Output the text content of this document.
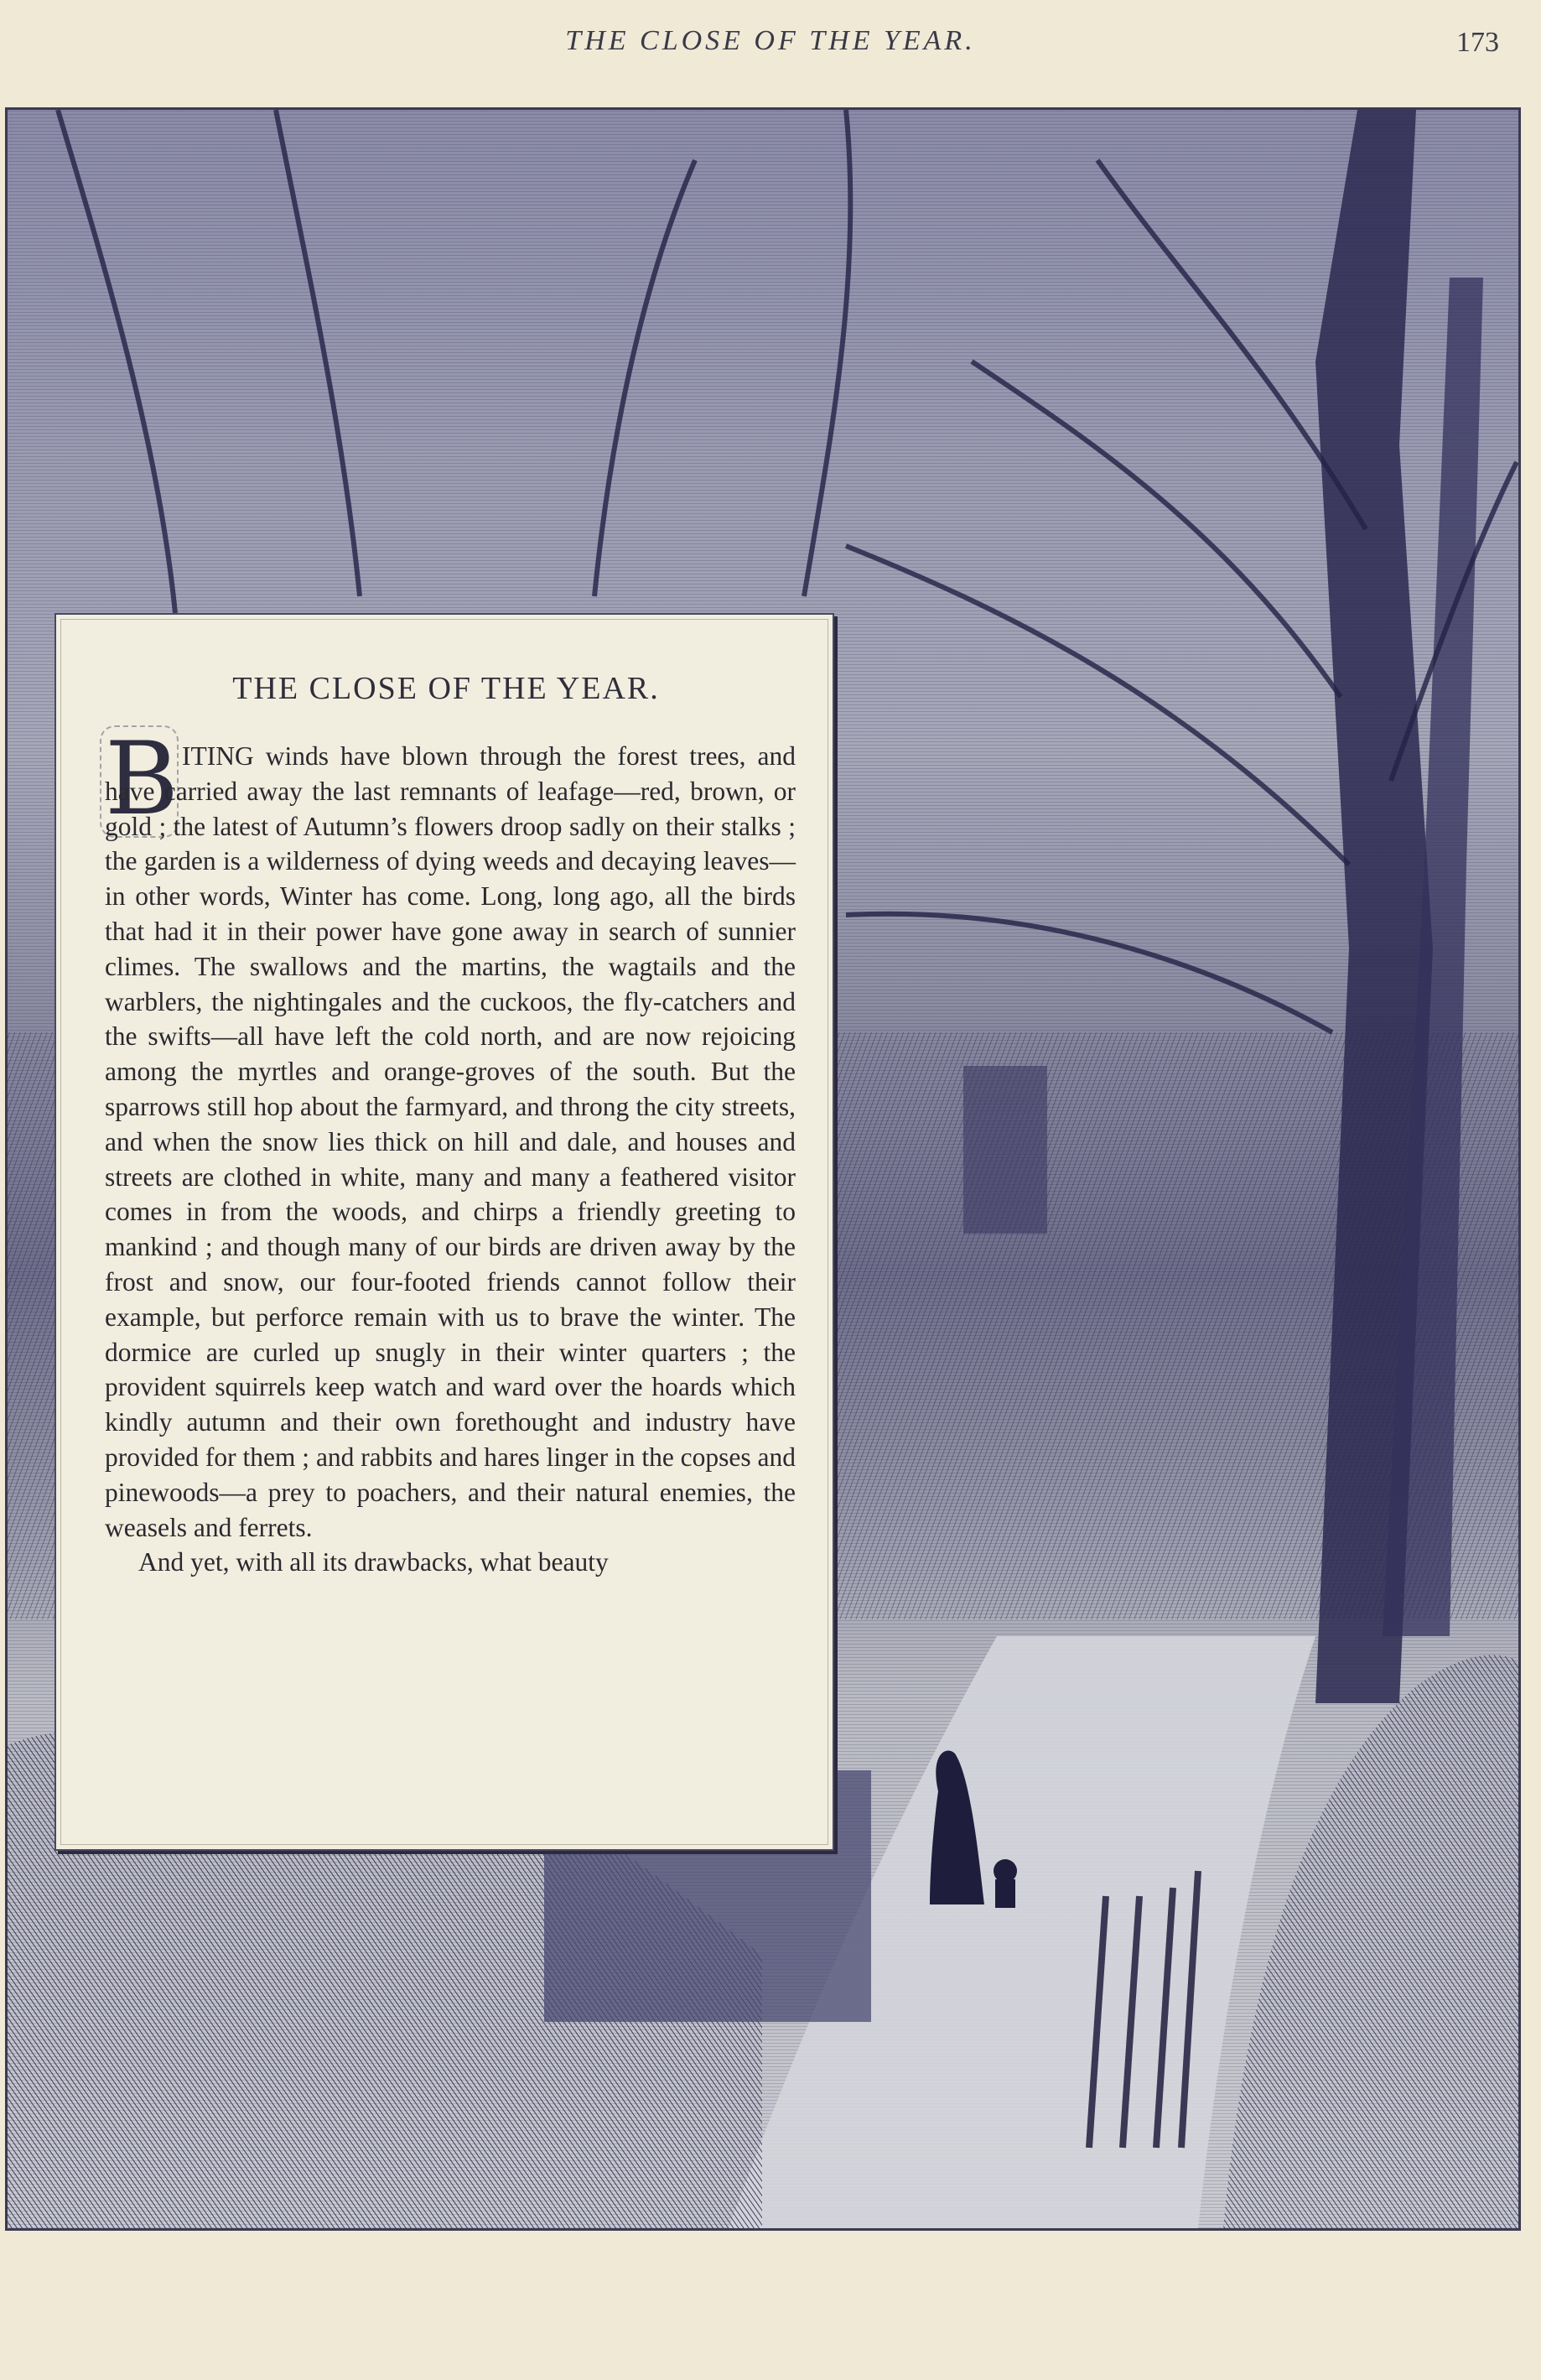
THE CLOSE OF THE YEAR.	173
THE CLOSE OF THE YEAR.
B ITING winds have blown through the forest trees, and have carried away the last remnants of leafage—red, brown, or gold ; the latest of Autumn’s flowers droop sadly on their stalks ; the garden is a wilderness of dying weeds and decaying leaves—in other words, Winter has come. Long, long ago, all the birds that had it in their power have gone away in search of sunnier climes. The swallows and the martins, the wagtails and the warblers, the nightingales and the cuckoos, the fly-catchers and the swifts—all have left the cold north, and are now rejoicing among the myrtles and orange-groves of the south. But the sparrows still hop about the farmyard, and throng the city streets, and when the snow lies thick on hill and dale, and houses and streets are clothed in white, many and many a feathered visitor comes in from the woods, and chirps a friendly greeting to mankind ; and though many of our birds are driven away by the frost and snow, our four-footed friends cannot follow their example, but perforce remain with us to brave the winter. The dormice are curled up snugly in their winter quarters ; the provident squirrels keep watch and ward over the hoards which kindly autumn and their own forethought and industry have provided for them ; and rabbits and hares linger in the copses and pinewoods—a prey to poachers, and their natural enemies, the weasels and ferrets.

And yet, with all its drawbacks, what beauty
